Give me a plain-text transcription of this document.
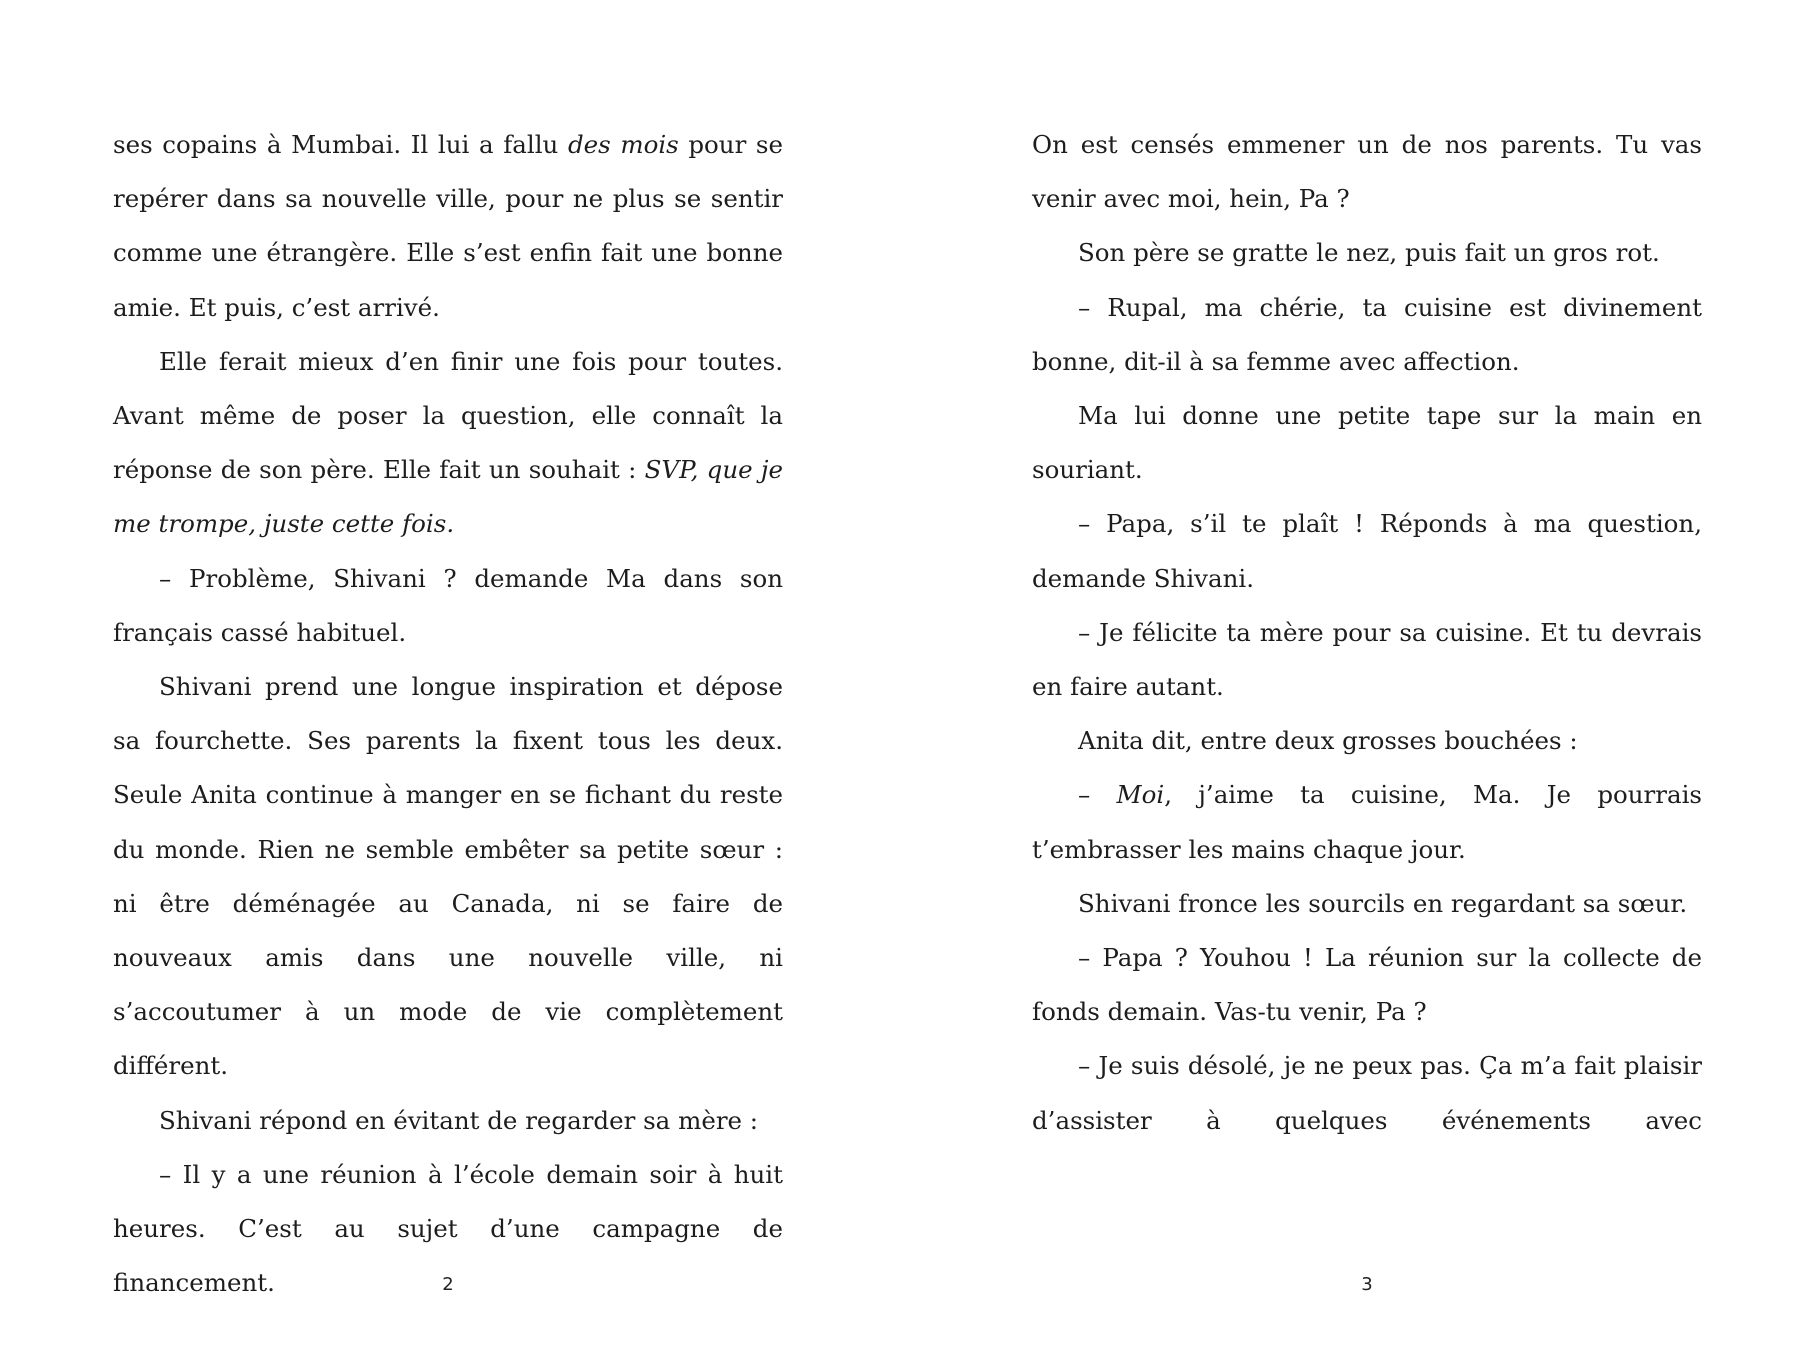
ses copains à Mumbai. Il lui a fallu des mois pour se repérer dans sa nouvelle ville, pour ne plus se sentir comme une étrangère. Elle s’est enfin fait une bonne amie. Et puis, c’est arrivé.

Elle ferait mieux d’en finir une fois pour toutes. Avant même de poser la question, elle connaît la réponse de son père. Elle fait un souhait : SVP, que je me trompe, juste cette fois.

– Problème, Shivani ? demande Ma dans son français cassé habituel.

Shivani prend une longue inspiration et dépose sa fourchette. Ses parents la fixent tous les deux. Seule Anita continue à manger en se fichant du reste du monde. Rien ne semble embêter sa petite sœur : ni être déménagée au Canada, ni se faire de nouveaux amis dans une nouvelle ville, ni s’accoutumer à un mode de vie complètement différent.

Shivani répond en évitant de regarder sa mère :

– Il y a une réunion à l’école demain soir à huit heures. C’est au sujet d’une campagne de financement.	2

On est censés emmener un de nos parents. Tu vas venir avec moi, hein, Pa ?

Son père se gratte le nez, puis fait un gros rot.

– Rupal, ma chérie, ta cuisine est divinement bonne, dit-il à sa femme avec affection.

Ma lui donne une petite tape sur la main en souriant.

– Papa, s’il te plaît ! Réponds à ma question, demande Shivani.

– Je félicite ta mère pour sa cuisine. Et tu devrais en faire autant.

Anita dit, entre deux grosses bouchées :

– Moi, j’aime ta cuisine, Ma. Je pourrais t’embrasser les mains chaque jour.

Shivani fronce les sourcils en regardant sa sœur.

– Papa ? Youhou ! La réunion sur la collecte de fonds demain. Vas-tu venir, Pa ?

– Je suis désolé, je ne peux pas. Ça m’a fait plaisir d’assister à quelques événements avec

3
